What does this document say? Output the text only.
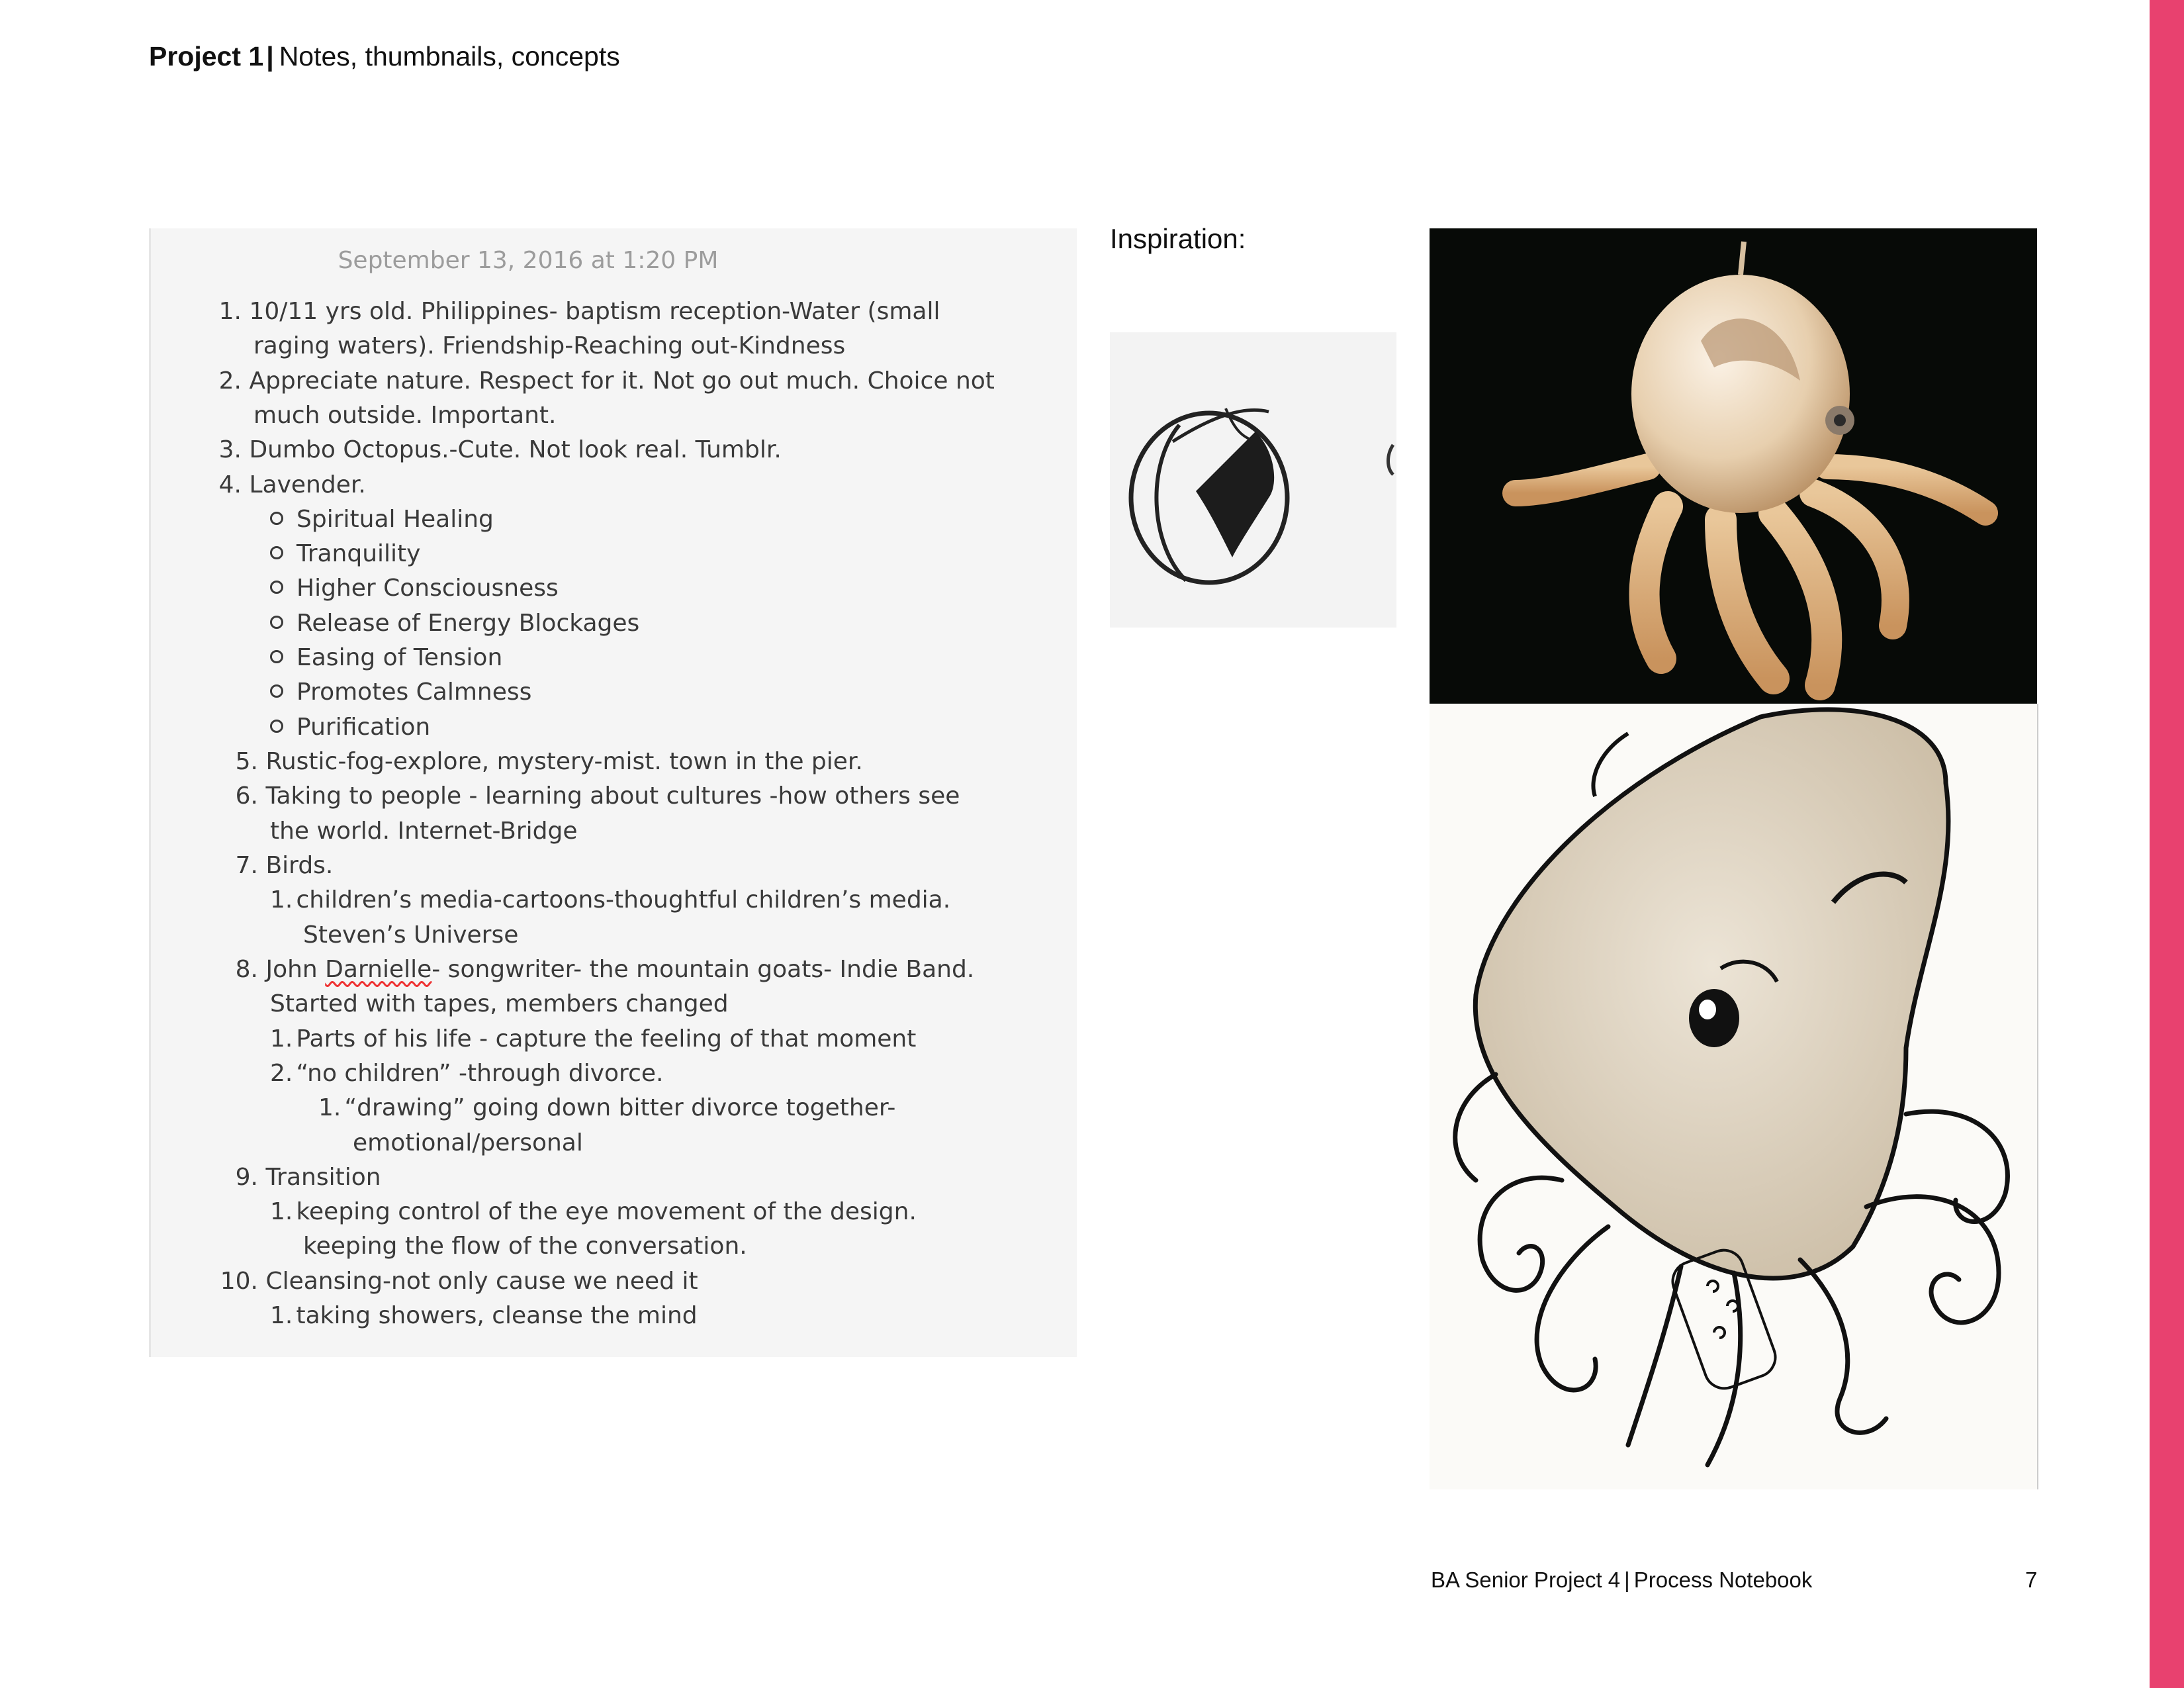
Project 1| Notes, thumbnails, concepts
September 13, 2016 at 1:20 PM
1. 10/11 yrs old. Philippines- baptism reception-Water (small
raging waters). Friendship-Reaching out-Kindness
2. Appreciate nature. Respect for it. Not go out much. Choice not
much outside. Important.
3. Dumbo Octopus.-Cute. Not look real. Tumblr.
4. Lavender.
Spiritual Healing
Tranquility
Higher Consciousness
Release of Energy Blockages
Easing of Tension
Promotes Calmness
Purification
5. Rustic-fog-explore, mystery-mist. town in the pier.
6. Taking to people - learning about cultures -how others see
the world. Internet-Bridge
7. Birds.
1. children’s media-cartoons-thoughtful children’s media.
Steven’s Universe
8. John Darnielle- songwriter- the mountain goats- Indie Band.
Started with tapes, members changed
1. Parts of his life - capture the feeling of that moment
2. “no children” -through divorce.
1. “drawing” going down bitter divorce together-
emotional/personal
9. Transition
1. keeping control of the eye movement of the design.
keeping the flow of the conversation.
10. Cleansing-not only cause we need it
1. taking showers, cleanse the mind
Inspiration:
BA Senior Project 4 | Process Notebook	7
